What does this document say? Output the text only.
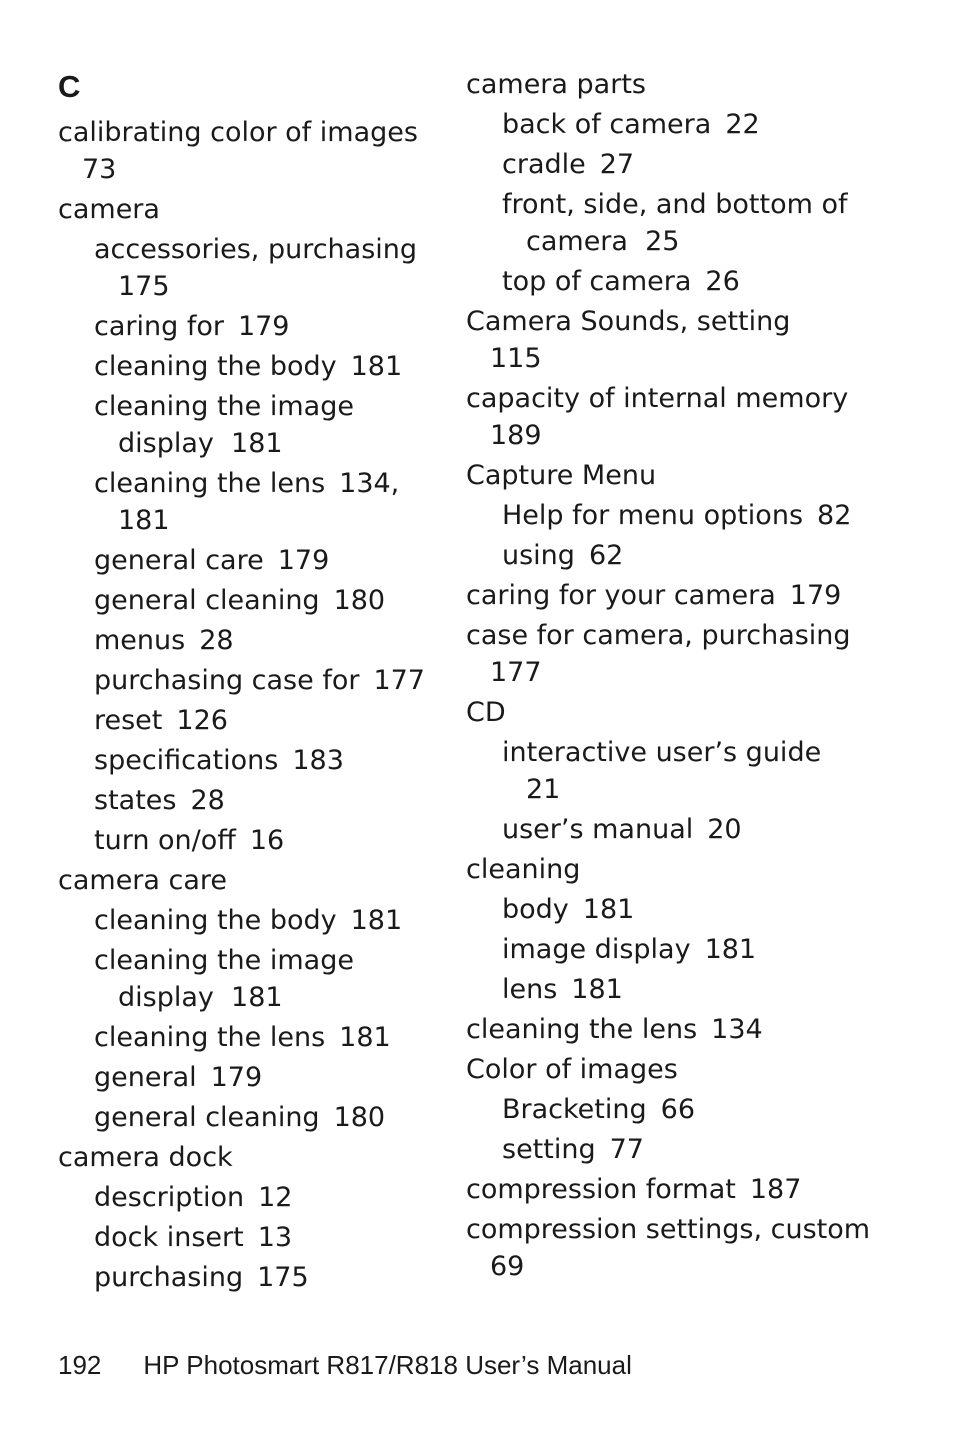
C
calibrating color of images
73
camera
accessories, purchasing
175
caring for 179
cleaning the body 181
cleaning the image
display  181
cleaning the lens 134,
181
general care 179
general cleaning 180
menus 28
purchasing case for 177
reset 126
specifications 183
states 28
turn on/off 16
camera care
cleaning the body 181
cleaning the image
display  181
cleaning the lens 181
general 179
general cleaning 180
camera dock
description 12
dock insert 13
purchasing 175
camera parts
back of camera 22
cradle 27
front, side, and bottom of
camera  25
top of camera 26
Camera Sounds, setting
115
capacity of internal memory
189
Capture Menu
Help for menu options 82
using 62
caring for your camera 179
case for camera, purchasing
177
CD
interactive user’s guide
21
user’s manual 20
cleaning
body 181
image display 181
lens 181
cleaning the lens 134
Color of images
Bracketing 66
setting 77
compression format 187
compression settings, custom
69
192 HP Photosmart R817/R818 User’s Manual
